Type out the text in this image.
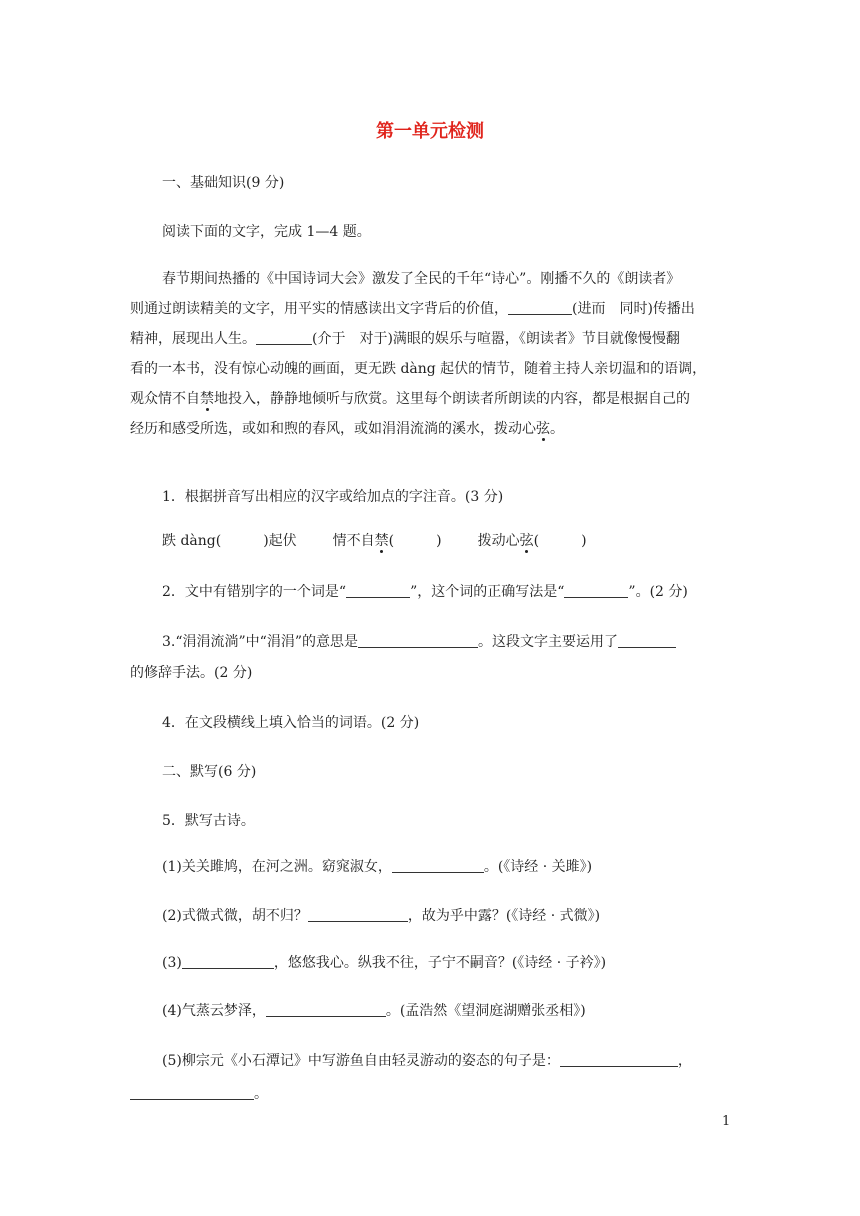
第一单元检测
一、基础知识(9 分)
阅读下面的文字，完成 1—4 题。
春节期间热播的《中国诗词大会》激发了全民的千年“诗心”。刚播不久的《朗读者》
则通过朗读精美的文字，用平实的情感读出文字背后的价值，	(进而　同时)传播出
精神，展现出人生。	(介于　对于)满眼的娱乐与喧嚣，《朗读者》节目就像慢慢翻
看的一本书，没有惊心动魄的画面，更无跌 dàng 起伏的情节，随着主持人亲切温和的语调，
观众情不自禁地投入，静静地倾听与欣赏。这里每个朗读者所朗读的内容，都是根据自己的
经历和感受所选，或如和煦的春风，或如涓涓流淌的溪水，拨动心弦。
1．根据拼音写出相应的汉字或给加点的字注音。(3 分)
跌 dàng(　　　)起伏	情不自禁(　　　)	拨动心弦(　　　)
2．文中有错别字的一个词是“	”，这个词的正确写法是“	”。(2 分)
3.“涓涓流淌”中“涓涓”的意思是	。这段文字主要运用了
的修辞手法。(2 分)
4．在文段横线上填入恰当的词语。(2 分)
二、默写(6 分)
5．默写古诗。
(1)关关雎鸠，在河之洲。窈窕淑女，	。(《诗经 · 关雎》)
(2)式微式微，胡不归？	，故为乎中露？(《诗经 · 式微》)
(3)	，悠悠我心。纵我不往，子宁不嗣音？(《诗经 · 子衿》)
(4)气蒸云梦泽，	。(孟浩然《望洞庭湖赠张丞相》)
(5)柳宗元《小石潭记》中写游鱼自由轻灵游动的姿态的句子是：	，
。
1
